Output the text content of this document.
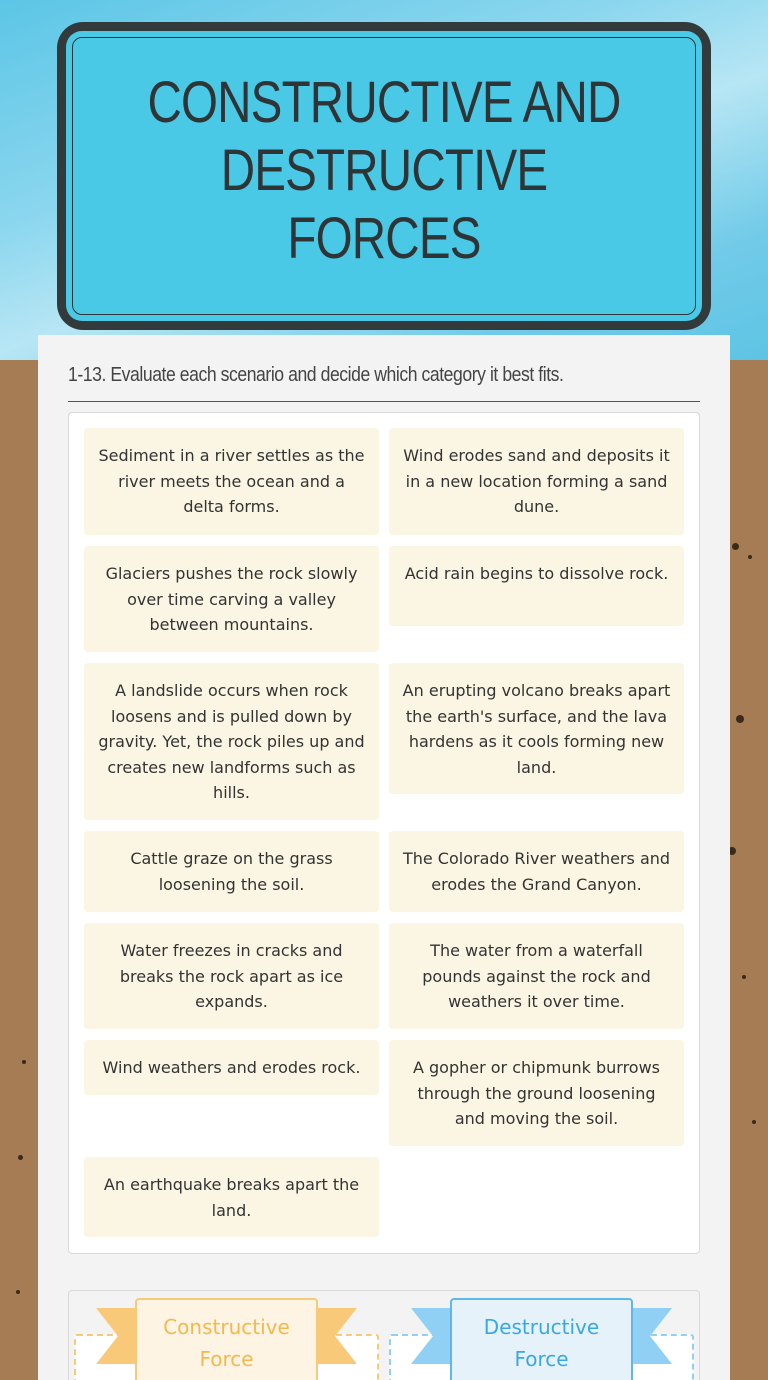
CONSTRUCTIVE AND
DESTRUCTIVE FORCES
1-13. Evaluate each scenario and decide which category it best fits.
Sediment in a river settles as the river meets the ocean and a delta forms.
Wind erodes sand and deposits it in a new location forming a sand dune.
Glaciers pushes the rock slowly over time carving a valley between mountains.
Acid rain begins to dissolve rock.
A landslide occurs when rock loosens and is pulled down by gravity. Yet, the rock piles up and creates new landforms such as hills.
An erupting volcano breaks apart the earth's surface, and the lava hardens as it cools forming new land.
Cattle graze on the grass loosening the soil.
The Colorado River weathers and erodes the Grand Canyon.
Water freezes in cracks and breaks the rock apart as ice expands.
The water from a waterfall pounds against the rock and weathers it over time.
Wind weathers and erodes rock.	A gopher or chipmunk burrows through the ground loosening and moving the soil.
An earthquake breaks apart the land.
Constructive
Force
Destructive
Force
